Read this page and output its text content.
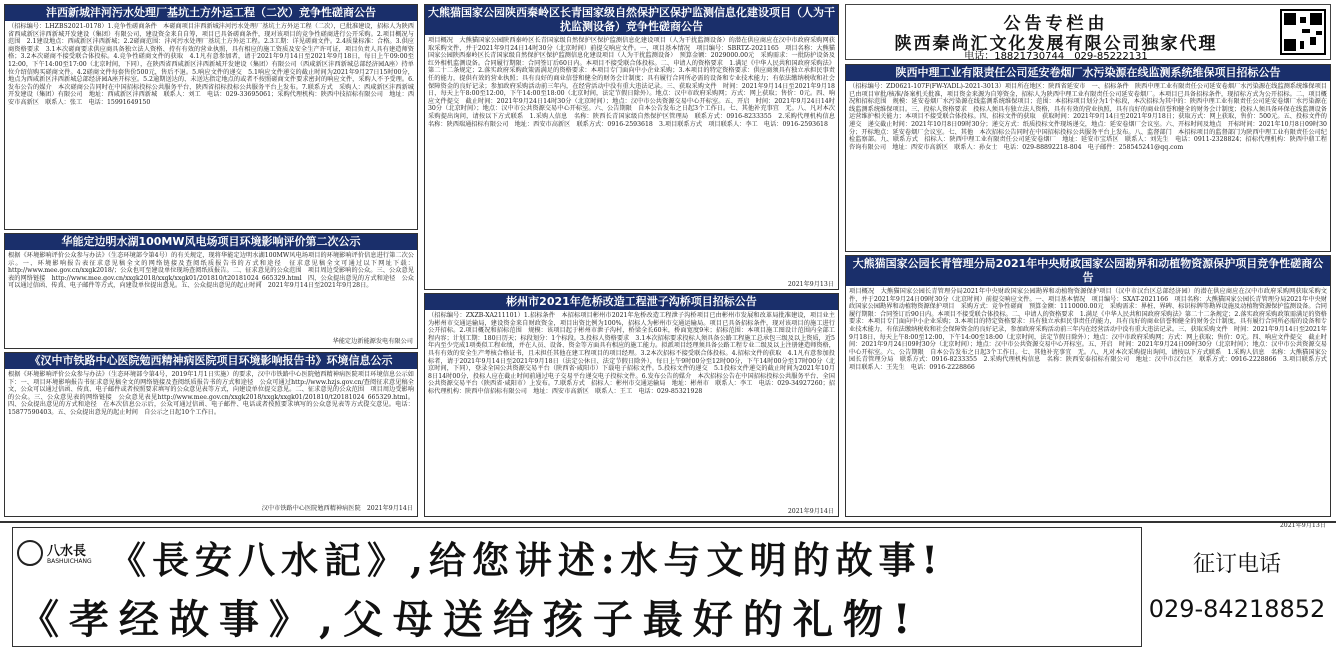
沣西新城沣河污水处理厂基坑土方外运工程（二次）竞争性磋商公告
（招标编号：LHZBS2021-0178）1.竞争性磋商条件　本磋商项目沣西新城沣河污水处理厂基坑土方外运工程（二次），已批准建设，招标人为陕西省西咸新区沣西新城开发建设（集团）有限公司，建设资金来自自筹，项目已具备磋商条件，现对该项目的竞争性磋商进行公开采购。2.项目概况与范围　2.1建设地点：西咸新区沣西新城；2.2磋商范围：沣河污水处理厂基坑土方外运工程。2.3工期：详见磋商文件。2.4质量标准：合格。3.供应商资格要求　3.1本次磋商要求供应商具备独立法人资格、持有有效的营业执照，具有相应的施工资质及安全生产许可证，项目负责人具有建造师资格；3.2本次磋商不接受联合体投标。4.竞争性磋商文件的获取　4.1凡有意参加者，请于2021年9月14日至2021年9月18日，每日上午09:00至12:00，下午14:00至17:00（北京时间，下同），在陕西省西咸新区沣西新城开发建设（集团）有限公司（西咸新区沣西新城总部经济园A座）持单位介绍信购买磋商文件。4.2磋商文件每套售价500元，售后不退。5.响应文件的递交　5.1响应文件递交的截止时间为2021年9月27日15时00分，地点为西咸新区沣西新城总部经济园A座开标室。5.2逾期送达的、未送达指定地点的或者不按照磋商文件要求密封的响应文件，采购人不予受理。6.发布公告的媒介　本次磋商公告同时在中国招标投标公共服务平台、陕西省招标投标公共服务平台上发布。7.联系方式　采购人：西咸新区沣西新城开发建设（集团）有限公司　地址：西咸新区沣西新城　联系人：刘工　电话：029-33695061；采购代理机构：陕西中技招标有限公司　地址：西安市高新区　联系人：张工　电话：15991649150
华能定边明水湖100MW风电场项目环境影响评价第二次公示
根据《环境影响评价公众参与办法》（生态环境部令第4号）的有关规定，现将华能定边明水湖100MW风电场项目的环境影响评价信息进行第二次公示。一、环境影响报告表征求意见稿全文的网络链接及查阅纸质报告书的方式和途径　征求意见稿全文可通过以下网址下载：http://www.mee.gov.cn/xxgk2018/；公众也可至建设单位现场查阅纸质报告。二、征求意见的公众范围　项目周边受影响的公众。三、公众意见表的网络链接　http://www.mee.gov.cn/xxgk2018/xxgk/xxgk01/201810/t20181024_665329.html　四、公众提出意见的方式和途径　公众可以通过信函、传真、电子邮件等方式，向建设单位提出意见。五、公众提出意见的起止时间　2021年9月14日至2021年9月28日。
华能定边新能源发电有限公司
《汉中市铁路中心医院勉西精神病医院项目环境影响报告书》环境信息公示
根据《环境影响评价公众参与办法》（生态环境部令第4号，2019年1月1日实施）的要求，汉中市铁路中心医院勉西精神病医院项目环境信息公示如下：一、项目环境影响报告书征求意见稿全文的网络链接及查阅纸质报告书的方式和途径　公众可通过http://www.hzjs.gov.cn/查阅征求意见稿全文，公众可以通过信函、传真、电子邮件或者按照要求填写的公众意见表等方式，向建设单位提交意见。二、征求意见的公众范围　项目周边受影响的公众。三、公众意见表的网络链接　公众意见表见http://www.mee.gov.cn/xxgk2018/xxgk/xxgk01/201810/t20181024_665329.html。四、公众提出意见的方式和途径　在本次信息公示后，公众可通过信函、电子邮件、电话或者按照要求填写的公众意见表等方式提交意见。电话：15877590403。五、公众提出意见的起止时间　自公示之日起10个工作日。
汉中市铁路中心医院勉西精神病医院　2021年9月14日
大熊猫国家公园陕西秦岭区长青国家级自然保护区保护监测信息化建设项目（人为干扰监测设备）竞争性磋商公告
项目概况　大熊猫国家公园陕西秦岭区长青国家级自然保护区保护监测信息化建设项目（人为干扰监测设备）的潜在供应商应在汉中市政府采购网获取采购文件，并于2021年9月24日14时30分（北京时间）前提交响应文件。一、项目基本情况　项目编号：SBRTZ-2021165　项目名称：大熊猫国家公园陕西秦岭区长青国家级自然保护区保护监测信息化建设项目（人为干扰监测设备）　预算金额：2029000.00元　采购需求：一批防护设备及红外相机监测设备。合同履行期限：合同签订后60日内。本项目不接受联合体投标。二、申请人的资格要求　1.满足《中华人民共和国政府采购法》第二十二条规定；2.落实政府采购政策需满足的资格要求：本项目专门面向中小企业采购；3.本项目的特定资格要求：供应商须具有独立承担民事责任的能力，提供有效的营业执照；具有良好的商业信誉和健全的财务会计制度；具有履行合同所必需的设备和专业技术能力；有依法缴纳税收和社会保障资金的良好记录；参加政府采购活动前三年内，在经营活动中没有重大违法记录。三、获取采购文件　时间：2021年9月14日至2021年9月18日，每天上午8:00至12:00，下午14:00至18:00（北京时间，法定节假日除外）。地点：汉中市政府采购网；方式：网上获取；售价：0元。四、响应文件提交　截止时间：2021年9月24日14时30分（北京时间）；地点：汉中市公共资源交易中心开标室。五、开启　时间：2021年9月24日14时30分（北京时间）；地点：汉中市公共资源交易中心开标室。六、公告期限　自本公告发布之日起3个工作日。七、其他补充事宜　无。八、凡对本次采购提出询问，请按以下方式联系　1.采购人信息　名称：陕西长青国家级自然保护区管理局　联系方式：0916-8233355　2.采购代理机构信息　名称：陕西瑞通招标有限公司　地址：西安市高新区　联系方式：0916-2593618　3.项目联系方式　项目联系人：李工　电话：0916-2593618
2021年9月13日
彬州市2021年危桥改造工程泄子沟桥项目招标公告
（招标编号：ZXZB-XA211101）1.招标条件　本招标项目彬州市2021年危桥改造工程泄子沟桥项目已由彬州市发展和改革局批准建设，项目业主为彬州市交通运输局，建设资金来自财政资金，项目出资比例为100%，招标人为彬州市交通运输局。项目已具备招标条件，现对该项目的施工进行公开招标。2.项目概况和招标范围　规模：该项目起于彬州市泄子沟村，桥梁全长60米，桥面宽度9米；招标范围：本项目施工图设计范围内全部工程内容；计划工期：180日历天；标段划分：1个标段。3.投标人资格要求　3.1本次招标要求投标人须具备公路工程施工总承包三级及以上资质，近5年内至少完成1项类似工程业绩，并在人员、设备、资金等方面具有相应的施工能力。拟派项目经理须具备公路工程专业二级及以上注册建造师资格，具有有效的安全生产考核合格证书，且未担任其他在建工程项目的项目经理。3.2本次招标不接受联合体投标。4.招标文件的获取　4.1凡有意参加投标者，请于2021年9月14日至2021年9月18日（法定公休日、法定节假日除外），每日上午9时00分至12时00分，下午14时00分至17时00分（北京时间，下同），登录全国公共资源交易平台（陕西省·咸阳市）下载电子招标文件。5.投标文件的递交　5.1投标文件递交的截止时间为2021年10月8日14时00分，投标人应在截止时间前通过电子交易平台递交电子投标文件。6.发布公告的媒介　本次招标公告在中国招标投标公共服务平台、全国公共资源交易平台（陕西省·咸阳市）上发布。7.联系方式　招标人：彬州市交通运输局　地址：彬州市　联系人：李工　电话：029-34927260；招标代理机构：陕西中信招标有限公司　地址：西安市高新区　联系人：王工　电话：029-85321928
2021年9月14日
公告专栏由
陕西秦尚汇文化发展有限公司独家代理
电话：18821730744　029-85222131
陕西中理工业有限责任公司延安卷烟厂水污染源在线监测系统维保项目招标公告
（招标编号：ZD0621-107F(FW-YADL)-2021-3013）项目所在地区：陕西省延安市　一、招标条件　陕西中理工业有限责任公司延安卷烟厂水污染源在线监测系统维保项目已由项目审批/核准/备案机关批准，项目资金来源为自筹资金，招标人为陕西中理工业有限责任公司延安卷烟厂。本项目已具备招标条件，现招标方式为公开招标。二、项目概况和招标范围　规模：延安卷烟厂水污染源在线监测系统维保项目；范围：本招标项目划分为1个标段，本次招标为其中的：陕西中理工业有限责任公司延安卷烟厂水污染源在线监测系统维保项目。三、投标人资格要求　投标人须具有独立法人资格，具有有效的营业执照，具有良好的商业信誉和健全的财务会计制度；投标人须具备环保在线监测设备运营维护相关能力；本项目不接受联合体投标。四、招标文件的获取　获取时间：2021年9月14日至2021年9月18日；获取方式：网上获取，售价：500元。五、投标文件的递交　递交截止时间：2021年10月8日09时30分；递交方式：纸质投标文件现场递交，地点：延安卷烟厂会议室。六、开标时间及地点　开标时间：2021年10月8日09时30分；开标地点：延安卷烟厂会议室。七、其他　本次招标公告同时在中国招标投标公共服务平台上发布。八、监督部门　本招标项目的监督部门为陕西中理工业有限责任公司纪检监察部。九、联系方式　招标人：陕西中理工业有限责任公司延安卷烟厂　地址：延安市宝塔区　联系人：刘先生　电话：0911-2328824；招标代理机构：陕西中鼎工程咨询有限公司　地址：西安市高新区　联系人：孙女士　电话：029-88892218-804　电子邮件：258545241@qq.com
大熊猫国家公园长青管理分局2021年中央财政国家公园勘界和动植物资源保护项目竞争性磋商公告
项目概况　大熊猫国家公园长青管理分局2021年中央财政国家公园勘界和动植物资源保护项目（汉中市汉台区总部经济园）的潜在供应商应在汉中市政府采购网获取采购文件，并于2021年9月24日09时30分（北京时间）前提交响应文件。一、项目基本情况　项目编号：SXAT-2021166　项目名称：大熊猫国家公园长青管理分局2021年中央财政国家公园勘界和动植物资源保护项目　采购方式：竞争性磋商　预算金额：1110000.00元　采购需求：界桩、界碑、标识标牌等勘界设施及动植物资源保护监测设备。合同履行期限：合同签订后90日内。本项目不接受联合体投标。二、申请人的资格要求　1.满足《中华人民共和国政府采购法》第二十二条规定；2.落实政府采购政策需满足的资格要求：本项目专门面向中小企业采购；3.本项目的特定资格要求：具有独立承担民事责任的能力，具有良好的商业信誉和健全的财务会计制度，具有履行合同所必需的设备和专业技术能力，有依法缴纳税收和社会保障资金的良好记录，参加政府采购活动前三年内在经营活动中没有重大违法记录。三、获取采购文件　时间：2021年9月14日至2021年9月18日，每天上午8:00至12:00，下午14:00至18:00（北京时间，法定节假日除外）；地点：汉中市政府采购网；方式：网上获取；售价：0元。四、响应文件提交　截止时间：2021年9月24日09时30分（北京时间）；地点：汉中市公共资源交易中心开标室。五、开启　时间：2021年9月24日09时30分（北京时间）；地点：汉中市公共资源交易中心开标室。六、公告期限　自本公告发布之日起3个工作日。七、其他补充事宜　无。八、凡对本次采购提出询问，请按以下方式联系　1.采购人信息　名称：大熊猫国家公园长青管理分局　联系方式：0916-8233355　2.采购代理机构信息　名称：陕西安泰招标有限公司　地址：汉中市汉台区　联系方式：0916-2228866　3.项目联系方式　项目联系人：王先生　电话：0916-2228866
2021年9月13日
八水長
BASHUICHANG 《長安八水記》,给您讲述:水与文明的故事!
《孝经故事》,父母送给孩子最好的礼物!
征订电话
029-84218852
